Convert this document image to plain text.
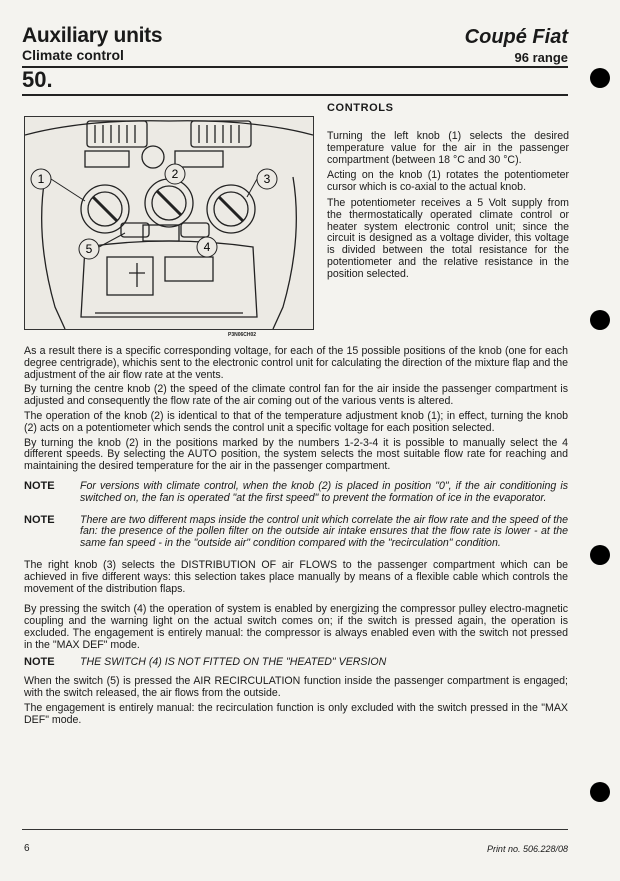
Auxiliary units	Coupé Fiat
Climate control	96 range
50.
1	2	3
4
5
P3N06CH02
CONTROLS

Turning the left knob (1) selects the desired temperature value for the air in the passenger compartment (between 18 °C and 30 °C).

Acting on the knob (1) rotates the potentiometer cursor which is co-axial to the actual knob.

The potentiometer receives a 5 Volt supply from the thermostatically operated climate control or heater system electronic control unit; since the circuit is designed as a voltage divider, this voltage is divided between the total resistance for the potentiometer and the relative resistance in the position selected.

As a result there is a specific corresponding voltage, for each of the 15 possible positions of the knob (one for each degree centrigrade), whichis sent to the electronic control unit for calculating the direction of the mixture flap and the adjustment of the air flow rate at the vents.

By turning the centre knob (2) the speed of the climate control fan for the air inside the passenger compartment is adjusted and consequently the flow rate of the air coming out of the various vents is altered.

The operation of the knob (2) is identical to that of the temperature adjustment knob (1); in effect, turning the knob (2) acts on a potentiometer which sends the control unit a specific voltage for each position selected.

By turning the knob (2) in the positions marked by the numbers 1-2-3-4 it is possible to manually select the 4 different speeds. By selecting the AUTO position, the system selects the most suitable flow rate for reaching and maintaining the desired temperature for the air in the passenger compartment.

NOTE	For versions with climate control, when the knob (2) is placed in position "0", if the air conditioning is switched on, the fan is operated "at the first speed" to prevent the formation of ice in the evaporator.
NOTE	There are two different maps inside the control unit which correlate the air flow rate and the speed of the fan: the presence of the pollen filter on the outside air intake ensures that the flow rate is lower - at the same fan speed - in the "outside air" condition compared with the "recirculation" condition.

The right knob (3) selects the DISTRIBUTION OF air FLOWS to the passenger compartment which can be achieved in five different ways: this selection takes place manually by means of a flexible cable which controls the movement of the distribution flaps.

By pressing the switch (4) the operation of system is enabled by energizing the compressor pulley electro-magnetic coupling and the warning light on the actual switch comes on; if the switch is pressed again, the operation is excluded. The engagement is entirely manual: the compressor is always enabled even with the switch not pressed in the "MAX DEF" mode.

NOTE	THE SWITCH (4) IS NOT FITTED ON THE "HEATED" VERSION

When the switch (5) is pressed the AIR RECIRCULATION function inside the passenger compartment is engaged; with the switch released, the air flows from the outside.

The engagement is entirely manual: the recirculation function is only excluded with the switch pressed in the "MAX DEF" mode.

6	Print no. 506.228/08
